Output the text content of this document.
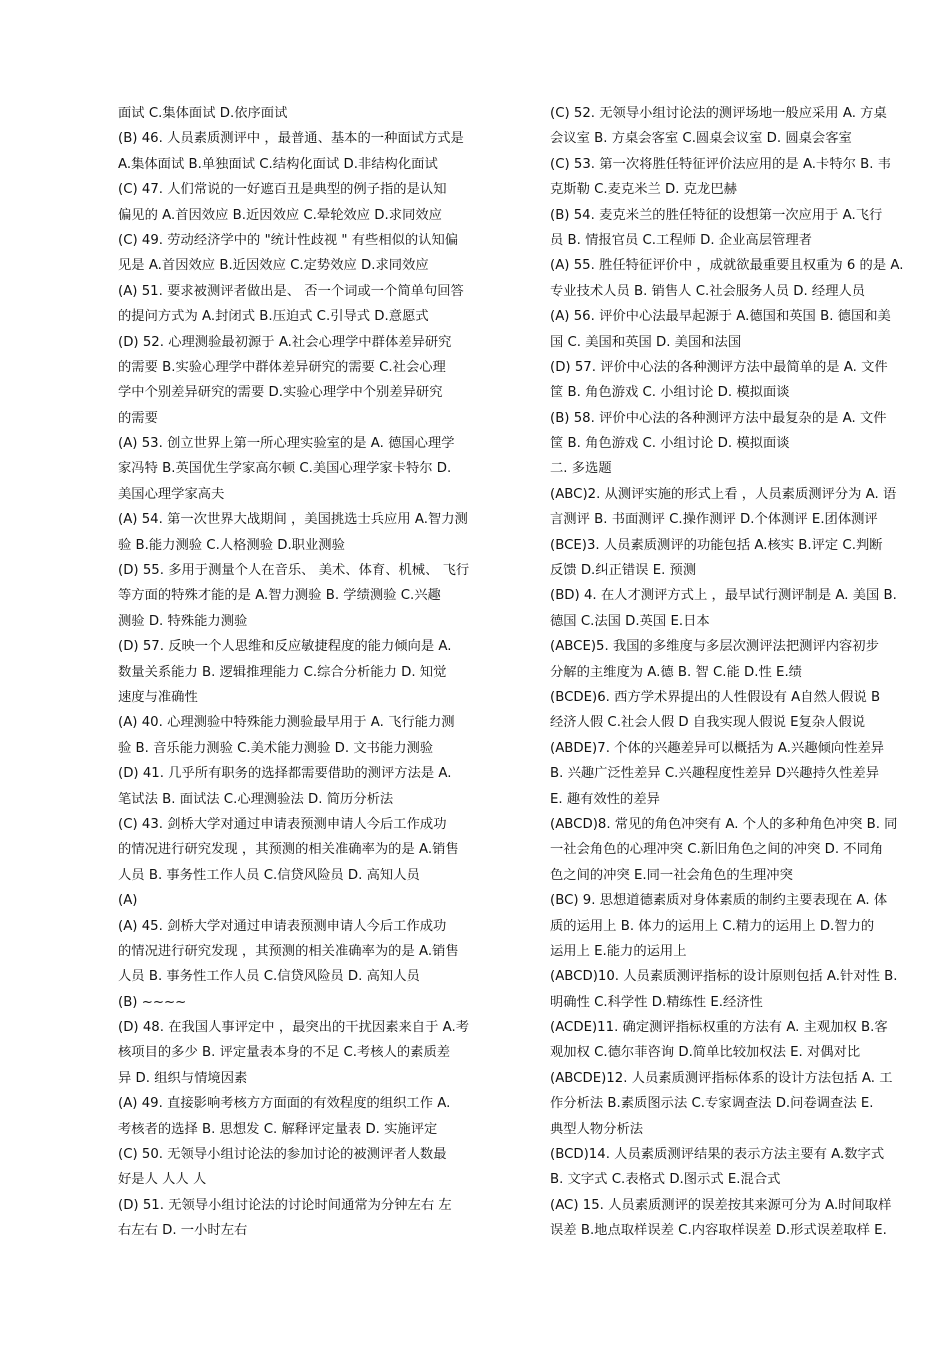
面试 C.集体面试 D.依序面试
(B) 46. 人员素质测评中 ，最普通、基本的一种面试方式是
A.集体面试 B.单独面试 C.结构化面试 D.非结构化面试
(C) 47. 人们常说的一好遮百丑是典型的例子指的是认知
偏见的 A.首因效应 B.近因效应 C.晕轮效应 D.求同效应
(C) 49. 劳动经济学中的 "统计性歧视 " 有些相似的认知偏
见是 A.首因效应 B.近因效应 C.定势效应 D.求同效应
(A) 51. 要求被测评者做出是、 否一个词或一个简单句回答
的提问方式为 A.封闭式 B.压迫式 C.引导式 D.意愿式
(D) 52. 心理测验最初源于 A.社会心理学中群体差异研究
的需要 B.实验心理学中群体差异研究的需要 C.社会心理
学中个别差异研究的需要 D.实验心理学中个别差异研究
的需要
(A) 53. 创立世界上第一所心理实验室的是 A. 德国心理学
家冯特 B.英国优生学家高尔顿 C.美国心理学家卡特尔 D.
美国心理学家高夫
(A) 54. 第一次世界大战期间 ，美国挑选士兵应用 A.智力测
验 B.能力测验 C.人格测验 D.职业测验
(D) 55. 多用于测量个人在音乐、 美术、体育、机械、 飞行
等方面的特殊才能的是 A.智力测验 B. 学绩测验 C.兴趣
测验 D. 特殊能力测验
(D) 57. 反映一个人思维和反应敏捷程度的能力倾向是 A.
数量关系能力 B. 逻辑推理能力 C.综合分析能力 D. 知觉
速度与准确性
(A) 40. 心理测验中特殊能力测验最早用于 A. 飞行能力测
验 B. 音乐能力测验 C.美术能力测验 D. 文书能力测验
(D) 41. 几乎所有职务的选择都需要借助的测评方法是 A.
笔试法 B. 面试法 C.心理测验法 D. 简历分析法
(C) 43. 剑桥大学对通过申请表预测申请人今后工作成功
的情况进行研究发现 ，其预测的相关准确率为的是 A.销售
人员 B. 事务性工作人员 C.信贷风险员 D. 高知人员
(A)
(A) 45. 剑桥大学对通过申请表预测申请人今后工作成功
的情况进行研究发现 ，其预测的相关准确率为的是 A.销售
人员 B. 事务性工作人员 C.信贷风险员 D. 高知人员
(B) ~~~~
(D) 48. 在我国人事评定中 ，最突出的干扰因素来自于 A.考
核项目的多少 B. 评定量表本身的不足 C.考核人的素质差
异 D. 组织与情境因素
(A) 49. 直接影响考核方方面面的有效程度的组织工作 A.
考核者的选择 B. 思想发 C. 解释评定量表 D. 实施评定
(C) 50. 无领导小组讨论法的参加讨论的被测评者人数最
好是人 人人 人
(D) 51. 无领导小组讨论法的讨论时间通常为分钟左右 左
右左右 D. 一小时左右
(C) 52. 无领导小组讨论法的测评场地一般应采用 A. 方桌
会议室 B. 方桌会客室 C.圆桌会议室 D. 圆桌会客室
(C) 53. 第一次将胜任特征评价法应用的是 A.卡特尔 B. 韦
克斯勒 C.麦克米兰 D. 克龙巴赫
(B) 54. 麦克米兰的胜任特征的设想第一次应用于 A.飞行
员 B. 情报官员 C.工程师 D. 企业高层管理者
(A) 55. 胜任特征评价中 ，成就欲最重要且权重为 6 的是 A.
专业技术人员 B. 销售人 C.社会服务人员 D. 经理人员
(A) 56. 评价中心法最早起源于 A.德国和英国 B. 德国和美
国 C. 美国和英国 D. 美国和法国
(D) 57. 评价中心法的各种测评方法中最简单的是 A. 文件
筐 B. 角色游戏 C. 小组讨论 D. 模拟面谈
(B) 58. 评价中心法的各种测评方法中最复杂的是 A. 文件
筐 B. 角色游戏 C. 小组讨论 D. 模拟面谈
二. 多选题
(ABC)2. 从测评实施的形式上看 ，人员素质测评分为 A. 语
言测评 B. 书面测评 C.操作测评 D.个体测评 E.团体测评
(BCE)3. 人员素质测评的功能包括 A.核实 B.评定 C.判断
反馈 D.纠正错误 E. 预测
(BD) 4. 在人才测评方式上 ，最早试行测评制是 A. 美国 B.
德国 C.法国 D.英国 E.日本
(ABCE)5. 我国的多维度与多层次测评法把测评内容初步
分解的主维度为 A.德 B. 智 C.能 D.性 E.绩
(BCDE)6. 西方学术界提出的人性假设有 A自然人假说 B
经济人假 C.社会人假 D 自我实现人假说 E复杂人假说
(ABDE)7. 个体的兴趣差异可以概括为 A.兴趣倾向性差异
B. 兴趣广泛性差异 C.兴趣程度性差异 D兴趣持久性差异
E. 趣有效性的差异
(ABCD)8. 常见的角色冲突有 A. 个人的多种角色冲突 B. 同
一社会角色的心理冲突 C.新旧角色之间的冲突 D. 不同角
色之间的冲突 E.同一社会角色的生理冲突
(BC) 9. 思想道德素质对身体素质的制约主要表现在 A. 体
质的运用上 B. 体力的运用上 C.精力的运用上 D.智力的
运用上 E.能力的运用上
(ABCD)10. 人员素质测评指标的设计原则包括 A.针对性 B.
明确性 C.科学性 D.精练性 E.经济性
(ACDE)11. 确定测评指标权重的方法有 A. 主观加权 B.客
观加权 C.德尔菲咨询 D.简单比较加权法 E. 对偶对比
(ABCDE)12. 人员素质测评指标体系的设计方法包括 A. 工
作分析法 B.素质图示法 C.专家调查法 D.问卷调查法 E.
典型人物分析法
(BCD)14. 人员素质测评结果的表示方法主要有 A.数字式
B. 文字式 C.表格式 D.图示式 E.混合式
(AC) 15. 人员素质测评的误差按其来源可分为 A.时间取样
误差 B.地点取样误差 C.内容取样误差 D.形式误差取样 E.
